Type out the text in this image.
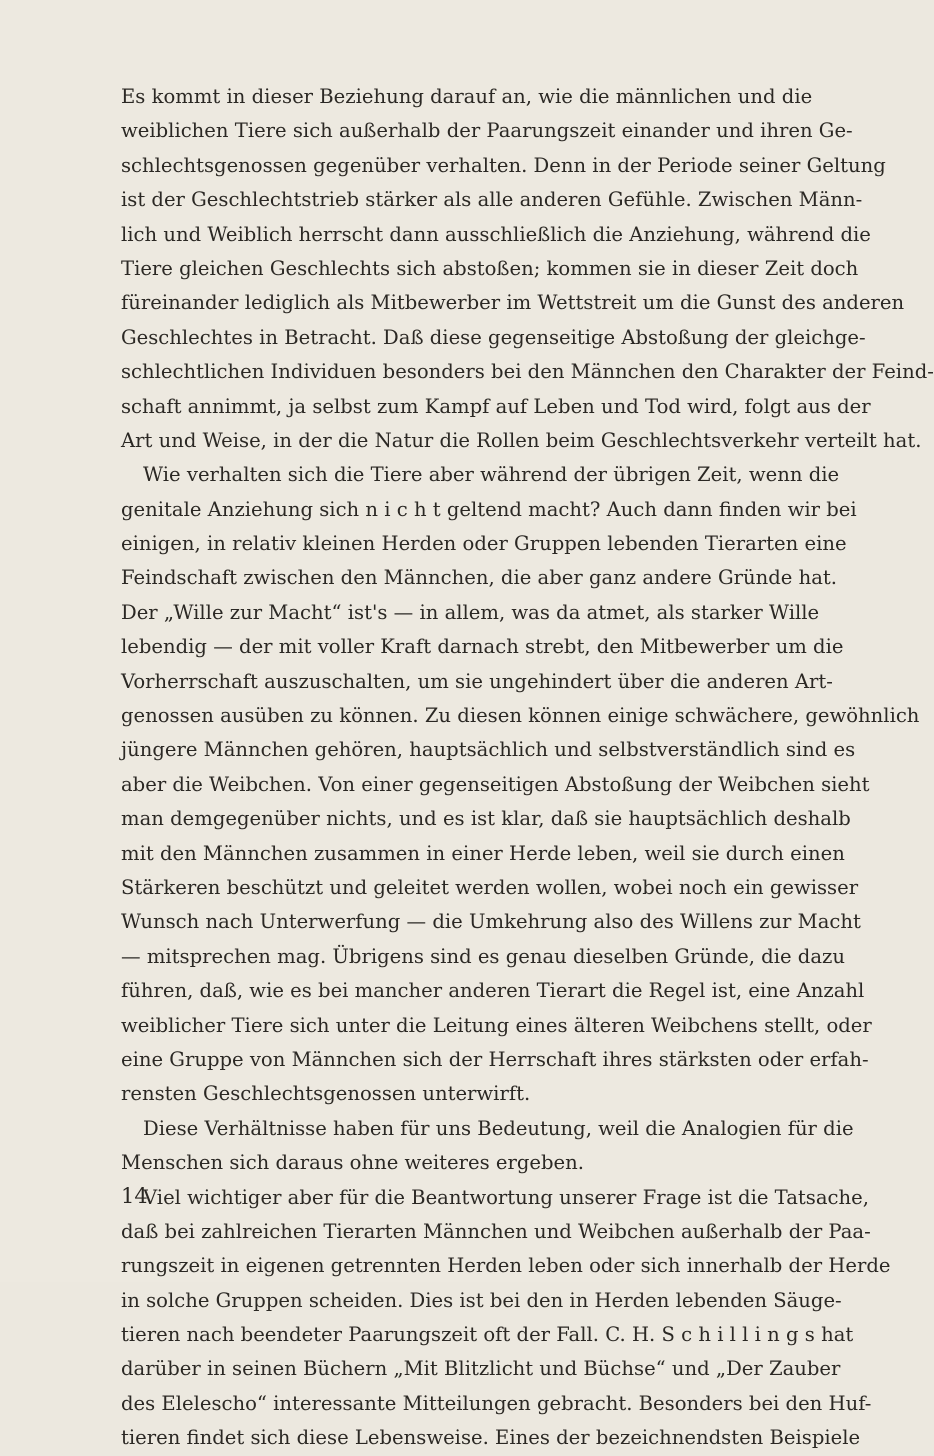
Es kommt in dieser Beziehung darauf an, wie die männlichen und die
weiblichen Tiere sich außerhalb der Paarungszeit einander und ihren Ge-
schlechtsgenossen gegenüber verhalten. Denn in der Periode seiner Geltung
ist der Geschlechtstrieb stärker als alle anderen Gefühle. Zwischen Männ-
lich und Weiblich herrscht dann ausschließlich die Anziehung, während die
Tiere gleichen Geschlechts sich abstoßen; kommen sie in dieser Zeit doch
füreinander lediglich als Mitbewerber im Wettstreit um die Gunst des anderen
Geschlechtes in Betracht. Daß diese gegenseitige Abstoßung der gleichge-
schlechtlichen Individuen besonders bei den Männchen den Charakter der Feind-
schaft annimmt, ja selbst zum Kampf auf Leben und Tod wird, folgt aus der
Art und Weise, in der die Natur die Rollen beim Geschlechtsverkehr verteilt hat.
Wie verhalten sich die Tiere aber während der übrigen Zeit, wenn die
genitale Anziehung sich n i c h t geltend macht? Auch dann finden wir bei
einigen, in relativ kleinen Herden oder Gruppen lebenden Tierarten eine
Feindschaft zwischen den Männchen, die aber ganz andere Gründe hat.
Der „Wille zur Macht“ ist's — in allem, was da atmet, als starker Wille
lebendig — der mit voller Kraft darnach strebt, den Mitbewerber um die
Vorherrschaft auszuschalten, um sie ungehindert über die anderen Art-
genossen ausüben zu können. Zu diesen können einige schwächere, gewöhnlich
jüngere Männchen gehören, hauptsächlich und selbstverständlich sind es
aber die Weibchen. Von einer gegenseitigen Abstoßung der Weibchen sieht
man demgegenüber nichts, und es ist klar, daß sie hauptsächlich deshalb
mit den Männchen zusammen in einer Herde leben, weil sie durch einen
Stärkeren beschützt und geleitet werden wollen, wobei noch ein gewisser
Wunsch nach Unterwerfung — die Umkehrung also des Willens zur Macht
— mitsprechen mag. Übrigens sind es genau dieselben Gründe, die dazu
führen, daß, wie es bei mancher anderen Tierart die Regel ist, eine Anzahl
weiblicher Tiere sich unter die Leitung eines älteren Weibchens stellt, oder
eine Gruppe von Männchen sich der Herrschaft ihres stärksten oder erfah-
rensten Geschlechtsgenossen unterwirft.
Diese Verhältnisse haben für uns Bedeutung, weil die Analogien für die
Menschen sich daraus ohne weiteres ergeben.
Viel wichtiger aber für die Beantwortung unserer Frage ist die Tatsache,
daß bei zahlreichen Tierarten Männchen und Weibchen außerhalb der Paa-
rungszeit in eigenen getrennten Herden leben oder sich innerhalb der Herde
in solche Gruppen scheiden. Dies ist bei den in Herden lebenden Säuge-
tieren nach beendeter Paarungszeit oft der Fall. C. H. S c h i l l i n g s hat
darüber in seinen Büchern „Mit Blitzlicht und Büchse“ und „Der Zauber
des Elelescho“ interessante Mitteilungen gebracht. Besonders bei den Huf-
tieren findet sich diese Lebensweise. Eines der bezeichnendsten Beispiele
14
